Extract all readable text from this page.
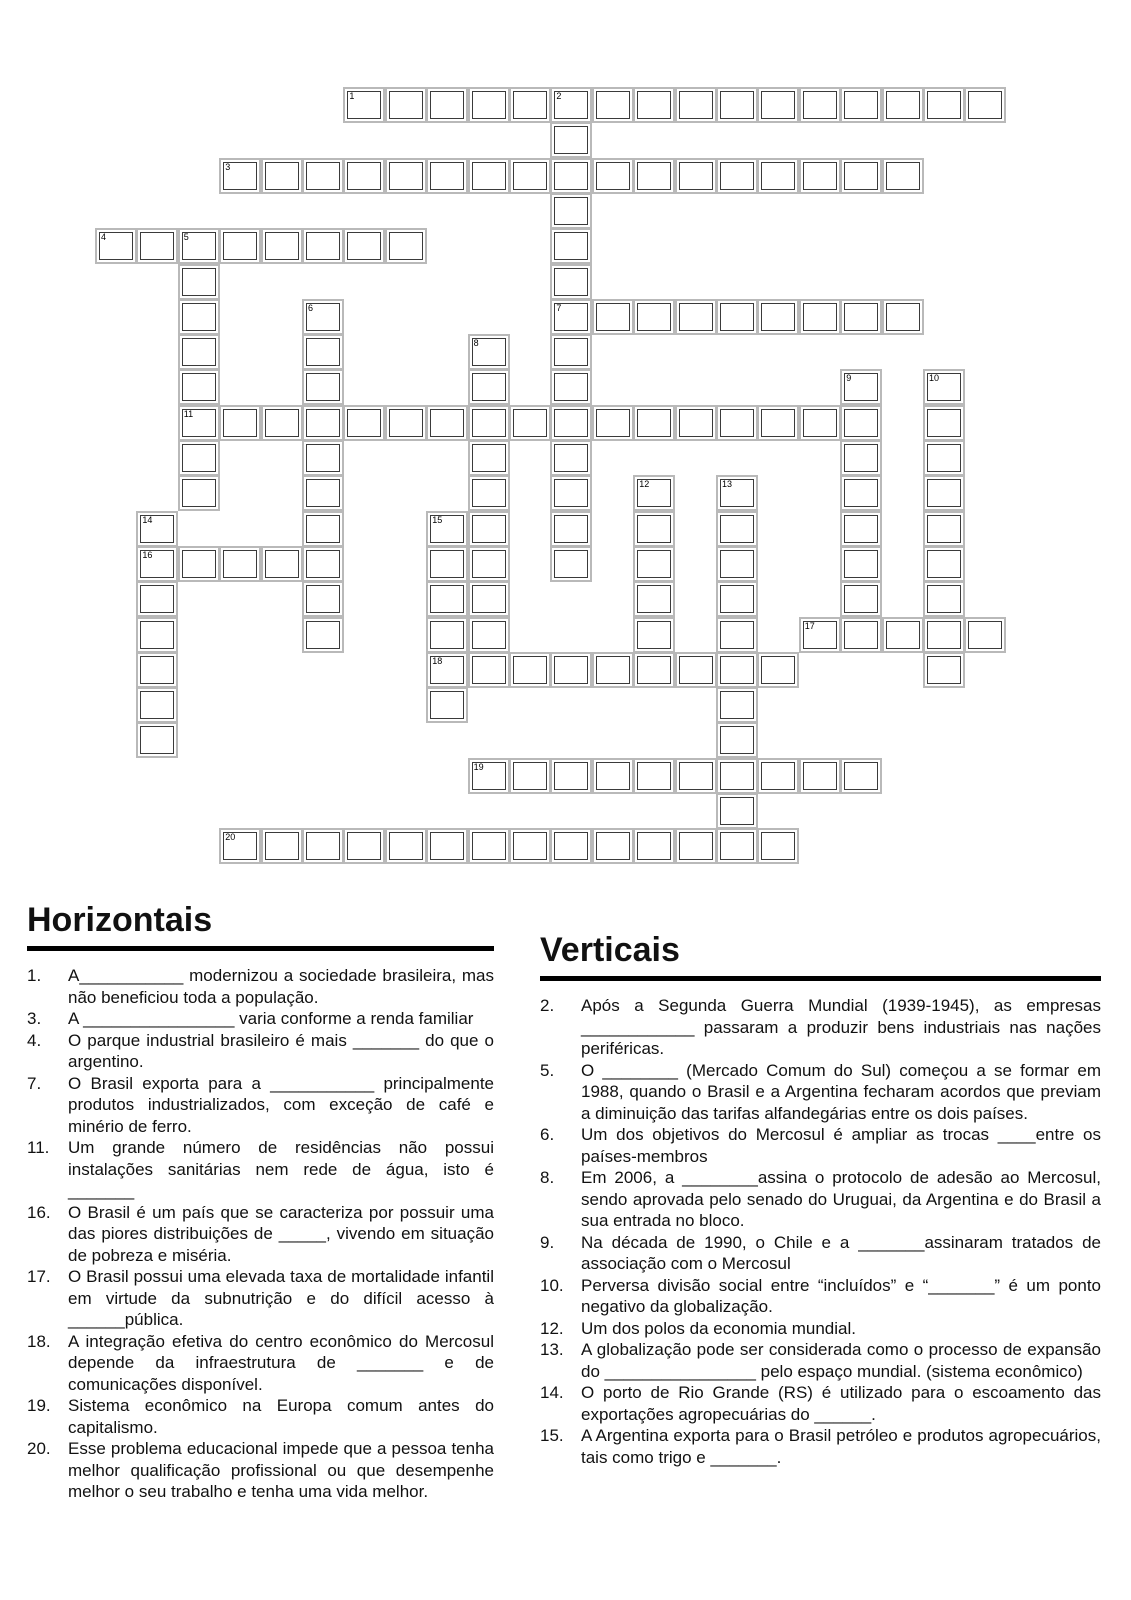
1	2
7
3
4	5
11
6
8
9	10
12	13
14
16
15
18
17
19
20
Horizontais
1.	A___________ modernizou a sociedade brasileira, mas não beneficiou toda a população.
3.	A ________________ varia conforme a renda familiar
4.	O parque industrial brasileiro é mais _______ do que o argentino.
7.	O Brasil exporta para a ___________ principalmente produtos industrializados, com exceção de café e minério de ferro.
11.	Um grande número de residências não possui instalações sanitárias nem rede de água, isto é _______
16.	O Brasil é um país que se caracteriza por possuir uma das piores distribuições de _____, vivendo em situação de pobreza e miséria.
17.	O Brasil possui uma elevada taxa de mortalidade infantil em virtude da subnutrição e do difícil acesso à ______pública.
18.	A integração efetiva do centro econômico do Mercosul depende da infraestrutura de _______ e de comunicações disponível.
19.	Sistema econômico na Europa comum antes do capitalismo.
20.	Esse problema educacional impede que a pessoa tenha melhor qualificação profissional ou que desempenhe melhor o seu trabalho e tenha uma vida melhor.
Verticais
2.	Após a Segunda Guerra Mundial (1939-1945), as empresas ____________ passaram a produzir bens industriais nas nações periféricas.
5.	O ________ (Mercado Comum do Sul) começou a se formar em 1988, quando o Brasil e a Argentina fecharam acordos que previam a diminuição das tarifas alfandegárias entre os dois países.
6.	Um dos objetivos do Mercosul é ampliar as trocas ____entre os países-membros
8.	Em 2006, a ________assina o protocolo de adesão ao Mercosul, sendo aprovada pelo senado do Uruguai, da Argentina e do Brasil a sua entrada no bloco.
9.	Na década de 1990, o Chile e a _______assinaram tratados de associação com o Mercosul
10.	Perversa divisão social entre “incluídos” e “_______” é um ponto negativo da globalização.
12.	Um dos polos da economia mundial.
13.	A globalização pode ser considerada como o processo de expansão do ________________ pelo espaço mundial. (sistema econômico)
14.	O porto de Rio Grande (RS) é utilizado para o escoamento das exportações agropecuárias do ______.
15.	A Argentina exporta para o Brasil petróleo e produtos agropecuários, tais como trigo e _______.
